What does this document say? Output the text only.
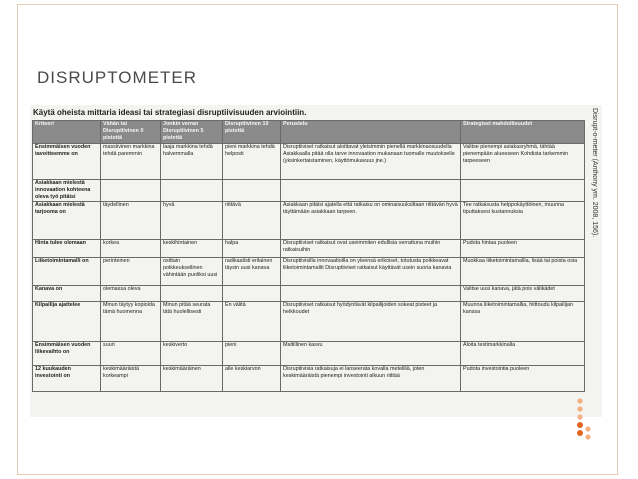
DISRUPTOMETER
Käytä oheista mittaria ideasi tai strategiasi disruptiivisuuden arviointiin.
Kriteeri	Vähän tai Disruptiivinen 0 pistettä	Jonkin verran Disruptiivinen 5 pistettä	Disruptiivinen 10 pistettä	Perustelu	Strategiset mahdollisuudet
Ensimmäisen vuoden tavoitteemme on	massiivinen markkina tehdä paremmin	laaja markkina tehdä halvemmalla	pieni markkina tehdä helposti	Disruptiiviset ratkaisut aloittavat yleisimmin pienellä markkinaosuudella Asiakkaalla pitää olla tarve innovaation mukanaan tuomalle muutokselle (yksinkertaistaminen, käyttömukavuus jne.)	Valitse pienempi asiakasryhmä, tähtää pienempään alueeseen Kohdista tarkemmin tarpeeseen
Asiakkaan mielestä innovaation kohteena oleva työ pitäisi					
Asiakkaan mielestä tarjooma on	täydellinen	hyvä	riittävä	Asiakkaan pitäisi ajatella että ratkaisu on ominaisuuksiltaan riittävän hyvä täyttämään asiakkaan tarpeen.	Tee ratkaisusta helppokäyttöinen, muunna tiputtaksesi kustannuksia
Hinta tulee olemaan	korkea	keskihintainen	halpa	Disruptiiviset ratkaisut ovat useimmiten edullisia verrattuna muihin ratkaisuihin	Pudota hintaa puoleen
Liiketoimintamalli on	perinteinen	osittain poikkeuksellinen vähintään puoliksi uusi	radikaalisti erilainen täysin uusi kanava	Disruptiivisilla innovaatioilla on yleensä erikoiset, totutusta poikkeavat liiketoimintamallit Disruptiiviset ratkaisut käyttävät usein suoria kanavia	Muokkaa liiketoimintamallia, lisää tai poista osia
Kanava on	olemassa oleva				Valitse uusi kanava, jätä pois välikädet
Kilpailija ajattelee	Minun täytyy kopioida tämä huomenna	Minun pitää seurata tätä huolellisesti	En välitä	Disruptiiviset ratkaisut hyödyntävät kilpailijoiden sokeat pisteet ja heikkoudet	Muunna liiketoimintamallia, hiittoudu kilpailijan kanssa
Ensimmäisen vuoden liikevaihto on	suuri	keskiverto	pieni	Maltillinen kasvu	Aloita testimarkkinalla
12 kuukauden investointi on	keskimääräistä korkeampi	keskimääräinen	alle keskiarvon	Disruptiivisia ratkaisuja ei lanseerata kovalla meteliliä, joten keskimääräistä pienempi investointi alkuun riittää	Pudota investointia puoleen
Disrupt-o-meter (Anthony ym. 2008, 156).
